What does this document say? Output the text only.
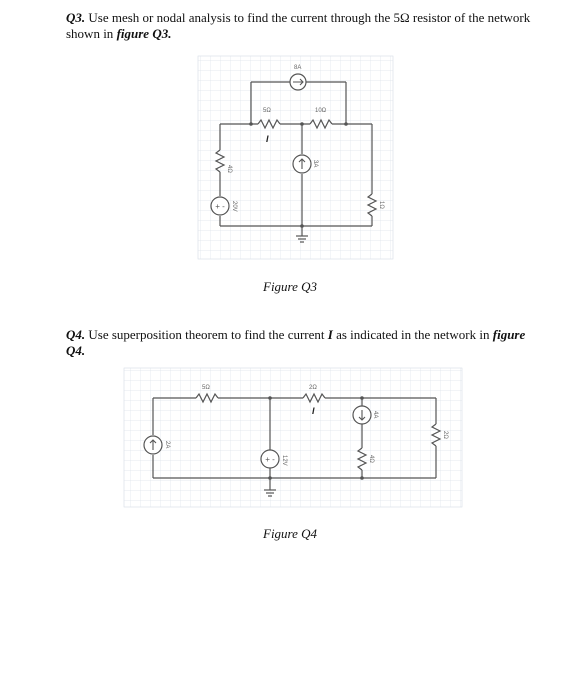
Q3. Use mesh or nodal analysis to find the current through the 5Ω resistor of the network shown in figure Q3.
+ -
8A
5Ω	10Ω
I
4Ω
20V
3A
1Ω
+ -
5Ω	2Ω
I
2A
12V
4A
4Ω
2Ω
Figure Q3
Q4. Use superposition theorem to find the current I as indicated in the network in figure Q4.
Figure Q4
